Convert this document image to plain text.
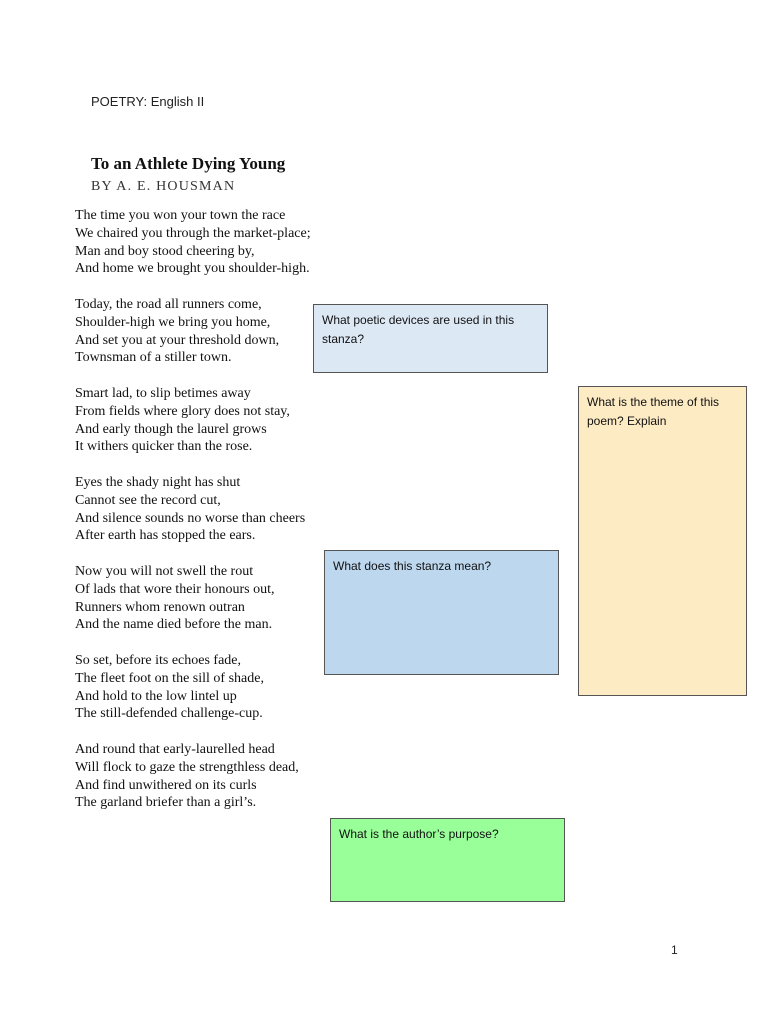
POETRY: English II
To an Athlete Dying Young
BY A. E. HOUSMAN
The time you won your town the race
We chaired you through the market-place;
Man and boy stood cheering by,
And home we brought you shoulder-high.
Today, the road all runners come,
Shoulder-high we bring you home,
And set you at your threshold down,
Townsman of a stiller town.
Smart lad, to slip betimes away
From fields where glory does not stay,
And early though the laurel grows
It withers quicker than the rose.
Eyes the shady night has shut
Cannot see the record cut,
And silence sounds no worse than cheers
After earth has stopped the ears.
Now you will not swell the rout
Of lads that wore their honours out,
Runners whom renown outran
And the name died before the man.
So set, before its echoes fade,
The fleet foot on the sill of shade,
And hold to the low lintel up
The still-defended challenge-cup.
And round that early-laurelled head
Will flock to gaze the strengthless dead,
And find unwithered on its curls
The garland briefer than a girl’s.
What poetic devices are used in this stanza?
What is the theme of this poem? Explain
What does this stanza mean?
What is the author’s purpose?
1
